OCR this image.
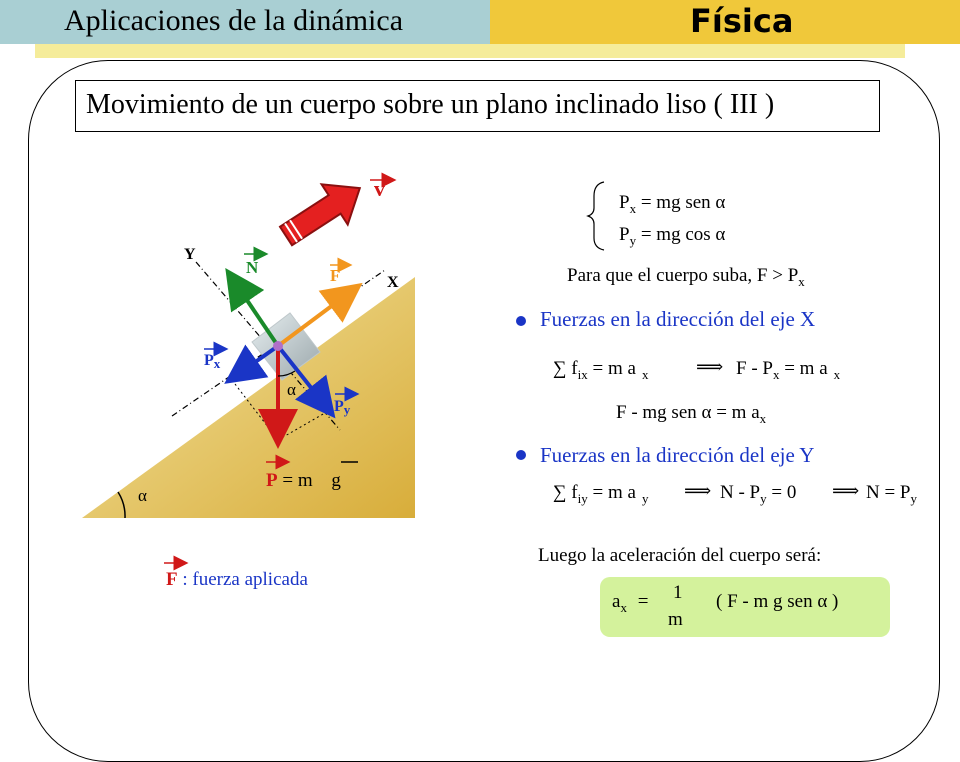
Aplicaciones de la dinámica	Física
Movimiento de un cuerpo sobre un plano inclinado liso ( III )
v
Y
X
N	F
Px
Py
α
α
P = m g
F : fuerza aplicada
$P_x$ = mg sen α
$P_y$ = mg cos α
Para que el cuerpo suba, $F > P_x$
Fuerzas en la dirección del eje X
∑ $f_{ix} = m$ a $_x$	⟹ $F - P_x = m$ a $_x$
F - mg sen α = m $a_x$
Fuerzas en la dirección del eje Y
∑ $f_{iy} = m$ a $_y$ ⟹ $N - P_y = 0$ ⟹ $N = P_y$
Luego la aceleración del cuerpo será:
$a_x = 1$
m
( F - m g sen α )
